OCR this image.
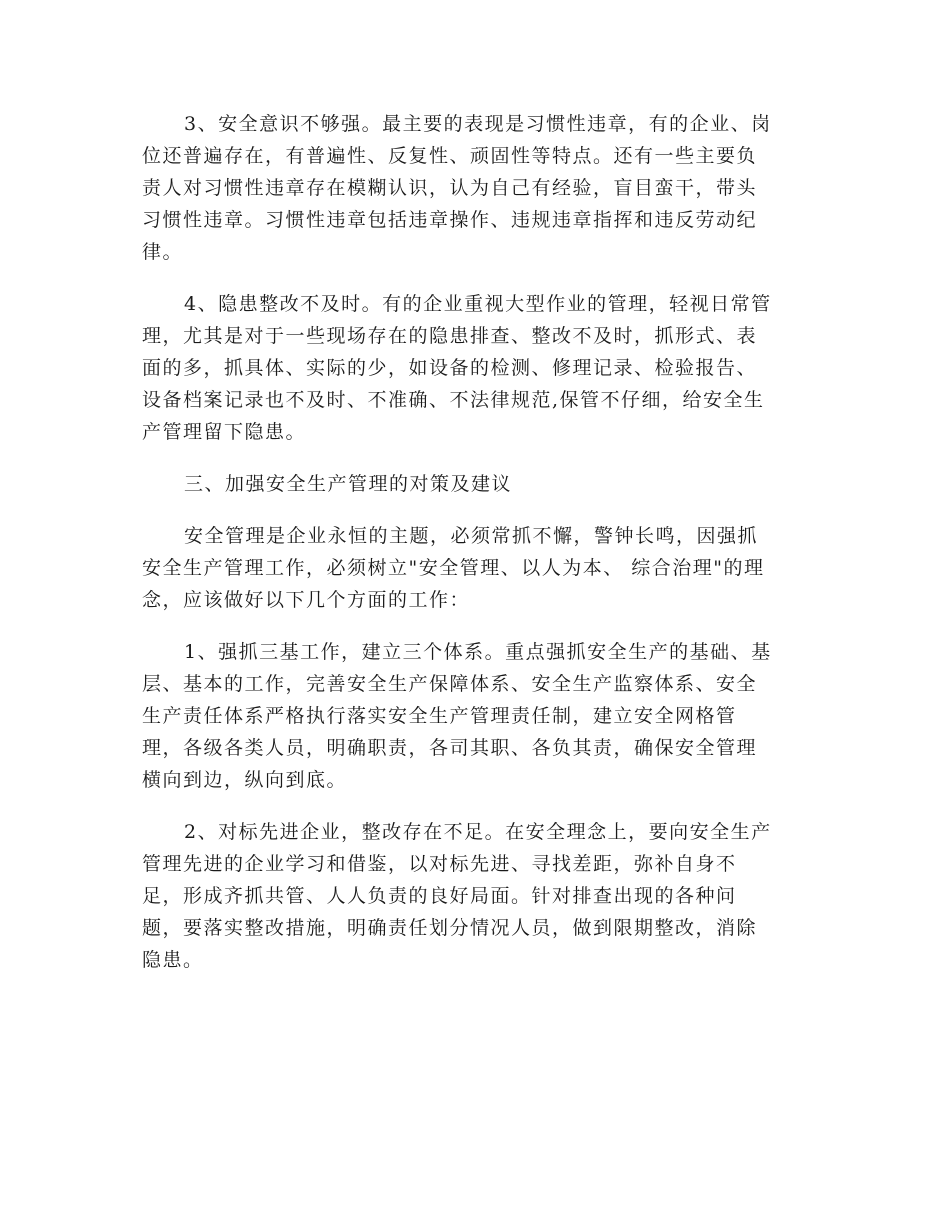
3、安全意识不够强。最主要的表现是习惯性违章，有的企业、岗
位还普遍存在，有普遍性、反复性、顽固性等特点。还有一些主要负
责人对习惯性违章存在模糊认识，认为自己有经验，盲目蛮干，带头
习惯性违章。习惯性违章包括违章操作、违规违章指挥和违反劳动纪
律。

4、隐患整改不及时。有的企业重视大型作业的管理，轻视日常管
理，尤其是对于一些现场存在的隐患排查、整改不及时，抓形式、表
面的多，抓具体、实际的少，如设备的检测、修理记录、检验报告、
设备档案记录也不及时、不准确、不法律规范,保管不仔细，给安全生
产管理留下隐患。

三、加强安全生产管理的对策及建议

安全管理是企业永恒的主题，必须常抓不懈，警钟长鸣，因强抓
安全生产管理工作，必须树立"安全管理、以人为本、 综合治理"的理
念，应该做好以下几个方面的工作：

1、强抓三基工作，建立三个体系。重点强抓安全生产的基础、基
层、基本的工作，完善安全生产保障体系、安全生产监察体系、安全
生产责任体系严格执行落实安全生产管理责任制，建立安全网格管
理，各级各类人员，明确职责，各司其职、各负其责，确保安全管理
横向到边，纵向到底。

2、对标先进企业，整改存在不足。在安全理念上，要向安全生产
管理先进的企业学习和借鉴，以对标先进、寻找差距，弥补自身不
足，形成齐抓共管、人人负责的良好局面。针对排查出现的各种问
题，要落实整改措施，明确责任划分情况人员，做到限期整改，消除
隐患。
